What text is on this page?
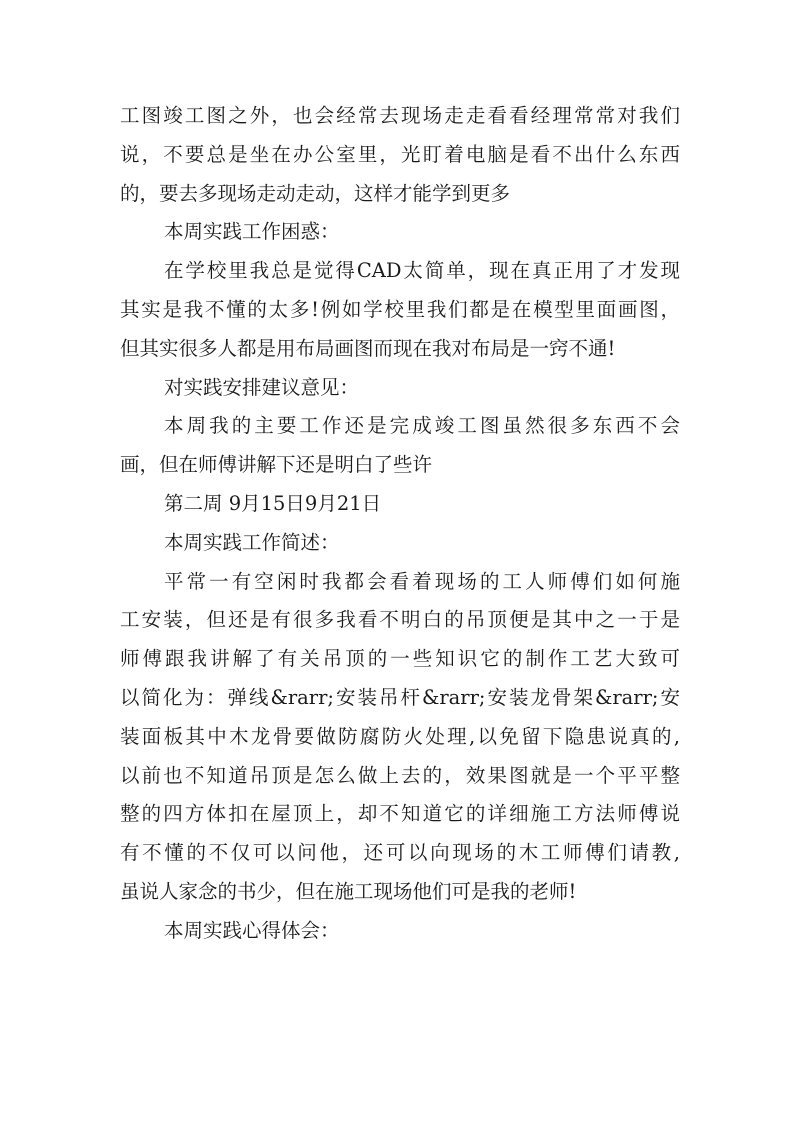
工图竣工图之外，也会经常去现场走走看看经理常常对我们
说，不要总是坐在办公室里，光盯着电脑是看不出什么东西
的，要去多现场走动走动，这样才能学到更多
本周实践工作困惑：
在学校里我总是觉得CAD太简单，现在真正用了才发现
其实是我不懂的太多!例如学校里我们都是在模型里面画图，
但其实很多人都是用布局画图而现在我对布局是一窍不通!
对实践安排建议意见：
本周我的主要工作还是完成竣工图虽然很多东西不会
画，但在师傅讲解下还是明白了些许
第二周 9月15日9月21日
本周实践工作简述：
平常一有空闲时我都会看着现场的工人师傅们如何施
工安装，但还是有很多我看不明白的吊顶便是其中之一于是
师傅跟我讲解了有关吊顶的一些知识它的制作工艺大致可
以简化为：弹线&rarr;安装吊杆&rarr;安装龙骨架&rarr;安
装面板其中木龙骨要做防腐防火处理,以免留下隐患说真的,
以前也不知道吊顶是怎么做上去的，效果图就是一个平平整
整的四方体扣在屋顶上，却不知道它的详细施工方法师傅说
有不懂的不仅可以问他，还可以向现场的木工师傅们请教,
虽说人家念的书少，但在施工现场他们可是我的老师!
本周实践心得体会：
